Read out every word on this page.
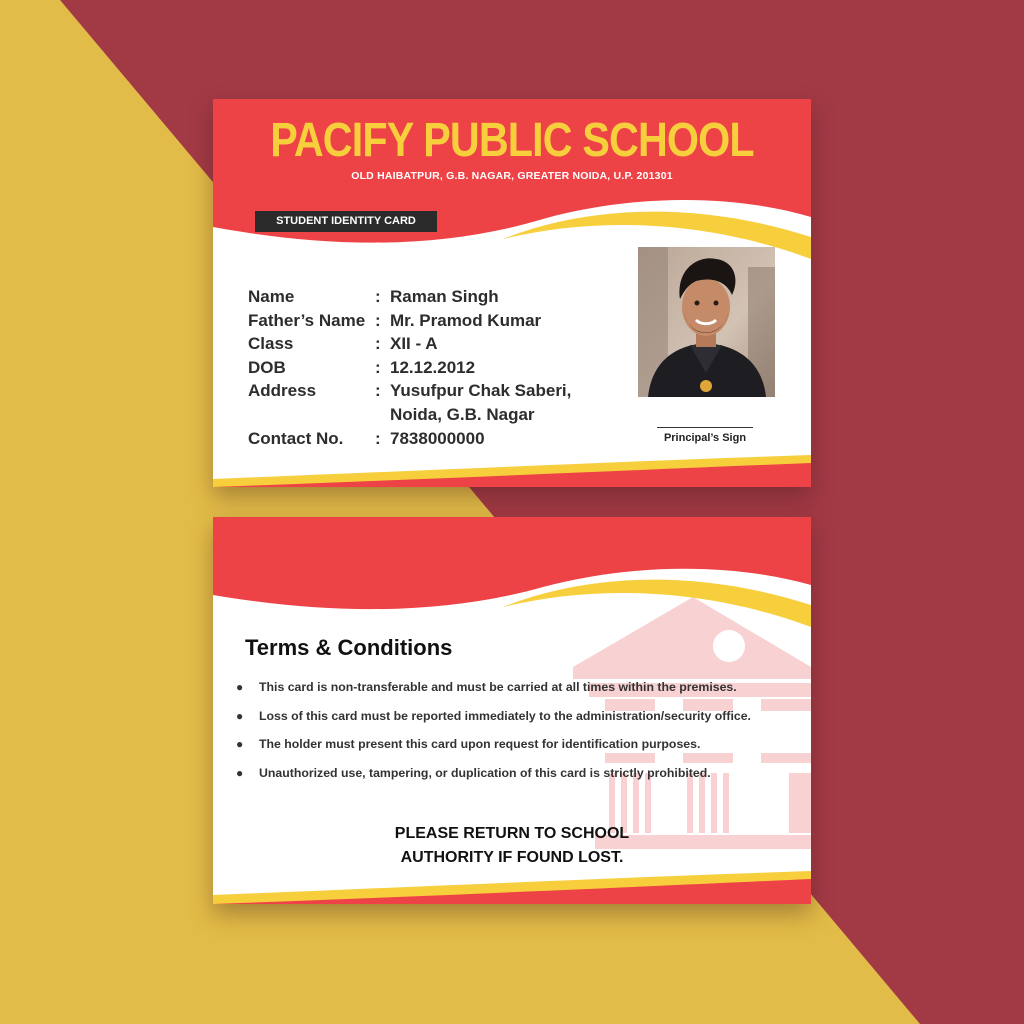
PACIFY PUBLIC SCHOOL
OLD HAIBATPUR, G.B. NAGAR, GREATER NOIDA, U.P. 201301
STUDENT IDENTITY CARD
Name	: Raman Singh
Father’s Name : Mr. Pramod Kumar
Class	: XII - A
DOB	: 12.12.2012
Address	: Yusufpur Chak Saberi,
Noida, G.B. Nagar
Contact No.	: 7838000000	Principal’s Sign
Terms & Conditions
● This card is non-transferable and must be carried at all times within the premises.
● Loss of this card must be reported immediately to the administration/security office.
● The holder must present this card upon request for identification purposes.
● Unauthorized use, tampering, or duplication of this card is strictly prohibited.
PLEASE RETURN TO SCHOOL
AUTHORITY IF FOUND LOST.
